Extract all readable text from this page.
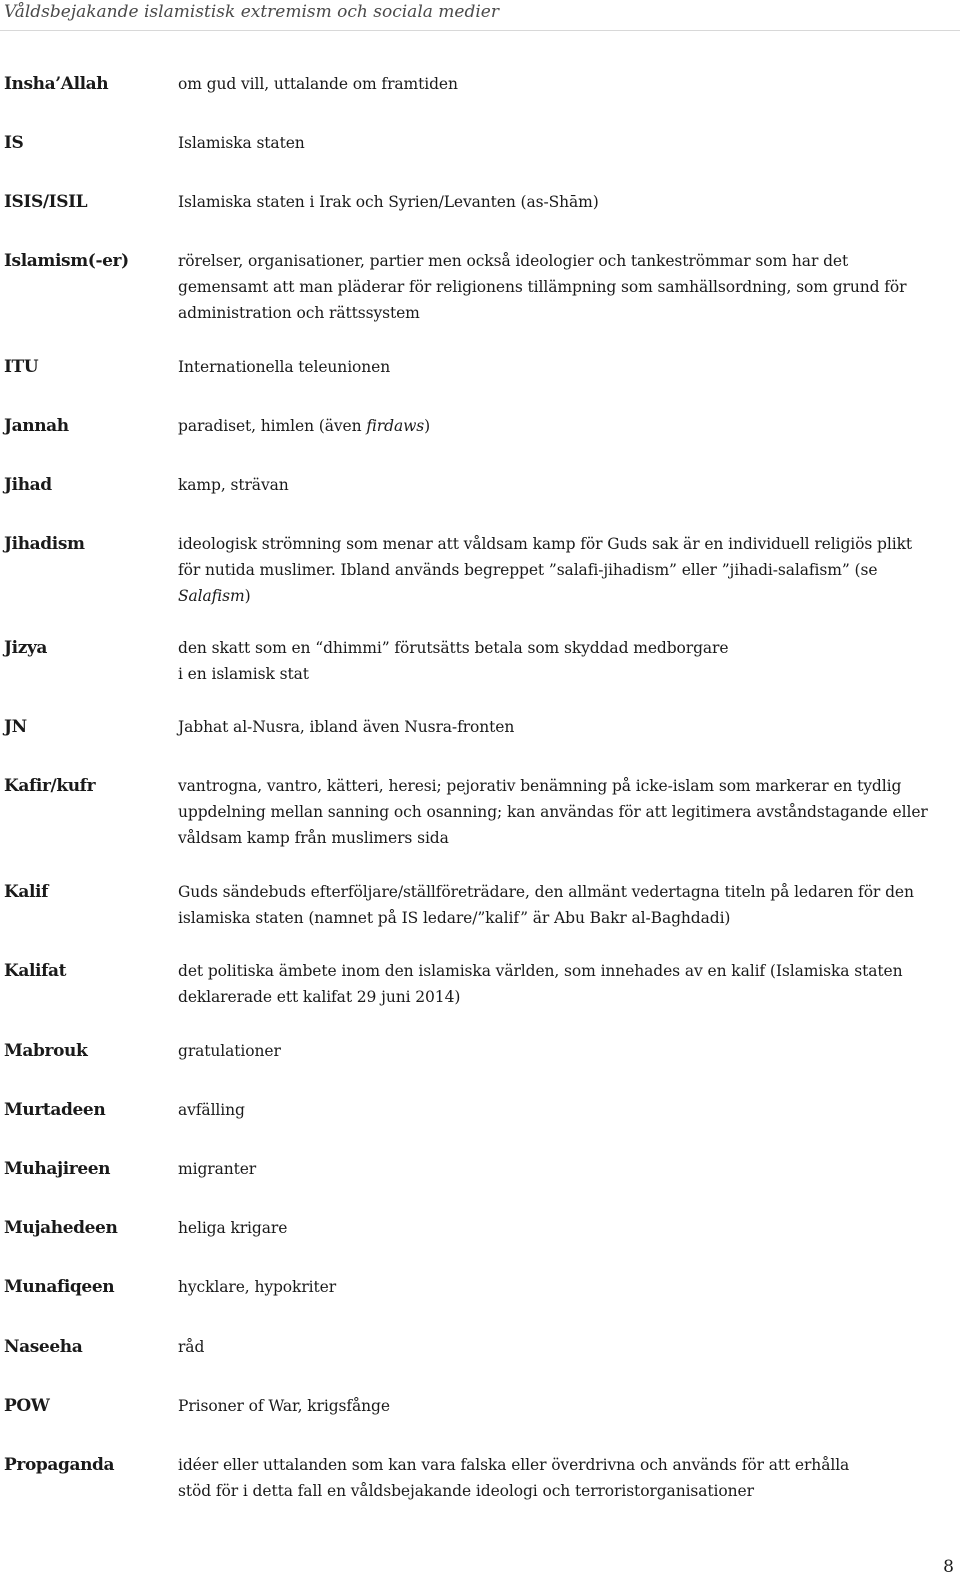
Våldsbejakande islamistisk extremism och sociala medier
Insha’Allah	om gud vill, uttalande om framtiden
IS	Islamiska staten
ISIS/ISIL	Islamiska staten i Irak och Syrien/Levanten (as-Shām)
Islamism(-er)	rörelser, organisationer, partier men också ideologier och tankeströmmar som har det
gemensamt att man pläderar för religionens tillämpning som samhällsordning, som grund för
administration och rättssystem
ITU	Internationella teleunionen
Jannah	paradiset, himlen (även firdaws)
Jihad	kamp, strävan
Jihadism	ideologisk strömning som menar att våldsam kamp för Guds sak är en individuell religiös plikt
för nutida muslimer. Ibland används begreppet ”salafi-jihadism” eller ”jihadi-salafism” (se
Salafism)
Jizya	den skatt som en “dhimmi” förutsätts betala som skyddad medborgare
i en islamisk stat
JN	Jabhat al-Nusra, ibland även Nusra-fronten
Kafir/kufr	vantrogna, vantro, kätteri, heresi; pejorativ benämning på icke-islam som markerar en tydlig
uppdelning mellan sanning och osanning; kan användas för att legitimera avståndstagande eller
våldsam kamp från muslimers sida
Kalif	Guds sändebuds efterföljare/ställföreträdare, den allmänt vedertagna titeln på ledaren för den
islamiska staten (namnet på IS ledare/”kalif” är Abu Bakr al-Baghdadi)
Kalifat	det politiska ämbete inom den islamiska världen, som innehades av en kalif (Islamiska staten
deklarerade ett kalifat 29 juni 2014)
Mabrouk	gratulationer
Murtadeen	avfälling
Muhajireen	migranter
Mujahedeen	heliga krigare
Munafiqeen	hycklare, hypokriter
Naseeha	råd
POW	Prisoner of War, krigsfånge
Propaganda	idéer eller uttalanden som kan vara falska eller överdrivna och används för att erhålla
stöd för i detta fall en våldsbejakande ideologi och terroristorganisationer
8
